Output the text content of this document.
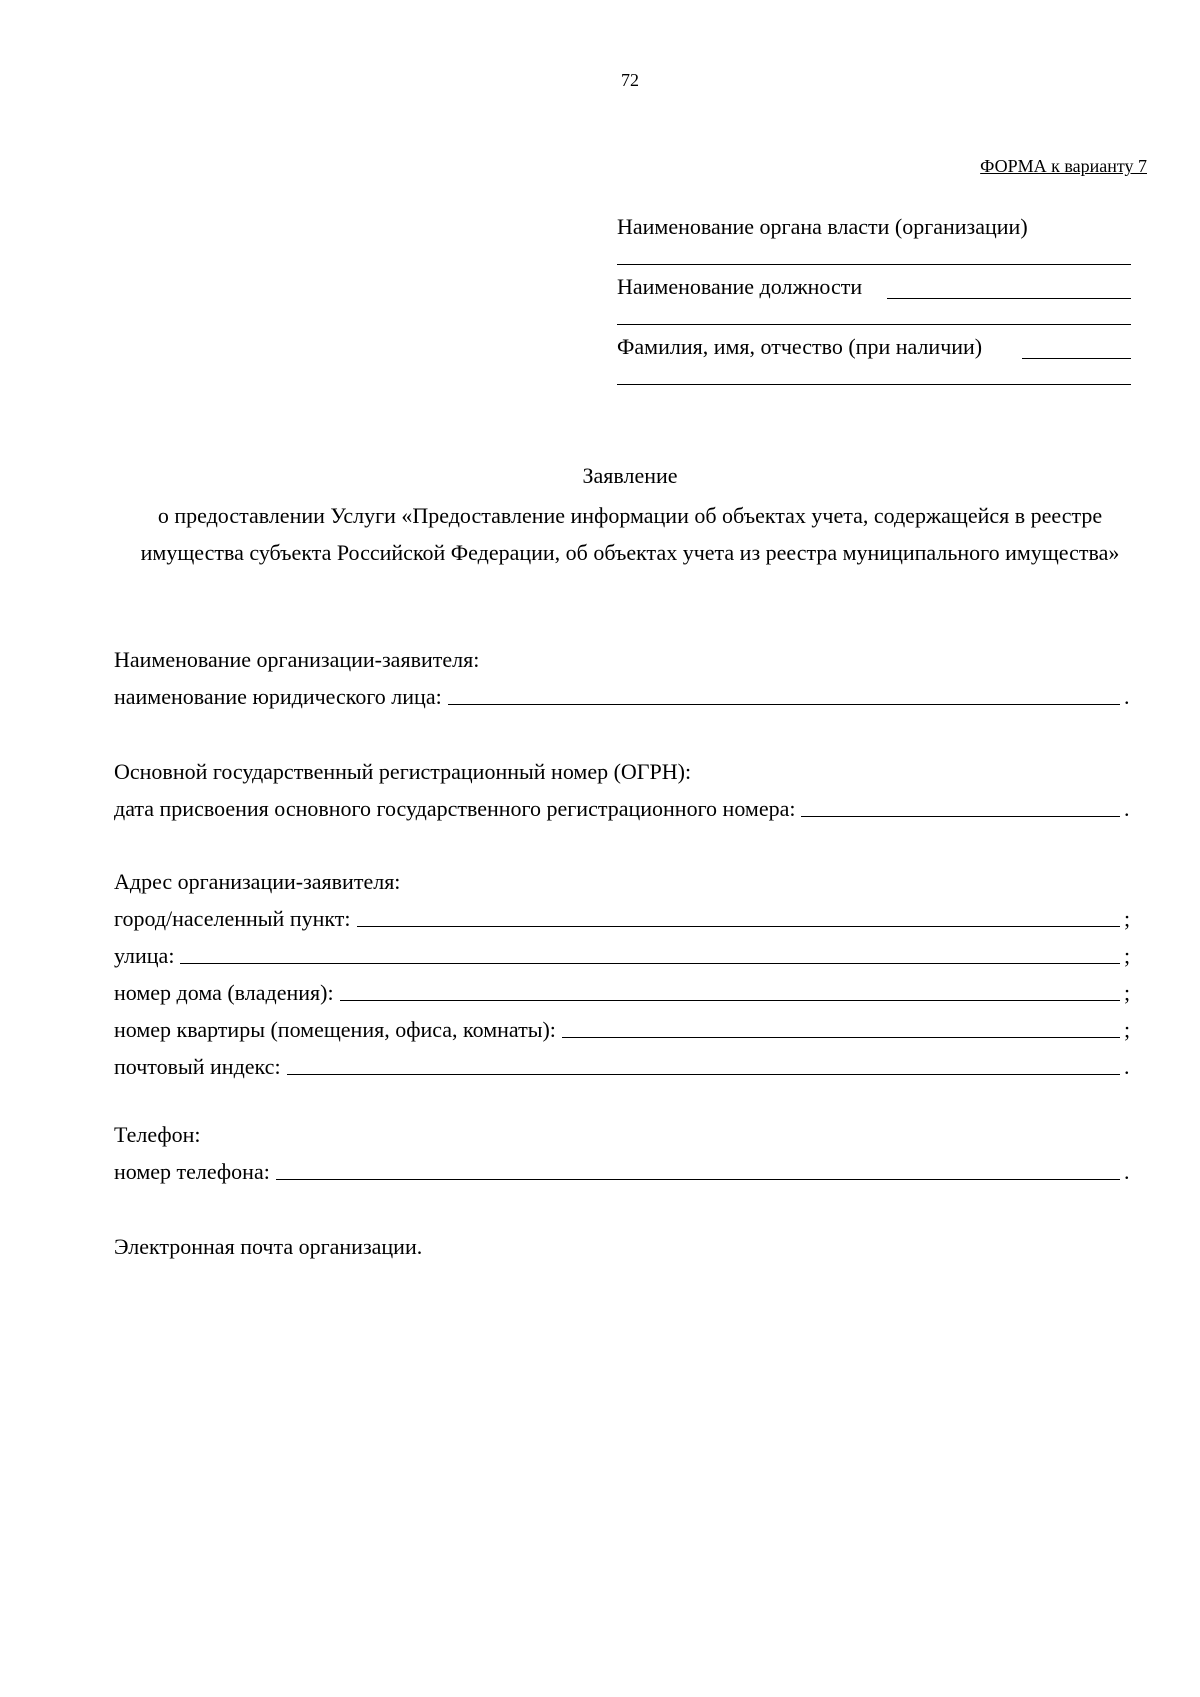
72
ФОРМА к варианту 7
Наименование органа власти (организации)
Наименование должности
Фамилия, имя, отчество (при наличии)
Заявление
о предоставлении Услуги «Предоставление информации об объектах учета, содержащейся в реестре имущества субъекта Российской Федерации, об объектах учета из реестра муниципального имущества»
Наименование организации-заявителя:
наименование юридического лица:	.
Основной государственный регистрационный номер (ОГРН):
дата присвоения основного государственного регистрационного номера:	.
Адрес организации-заявителя:
город/населенный пункт:	;
улица:	;
номер дома (владения):	;
номер квартиры (помещения, офиса, комнаты):	;
почтовый индекс:	.
Телефон:
номер телефона:	.
Электронная почта организации.
